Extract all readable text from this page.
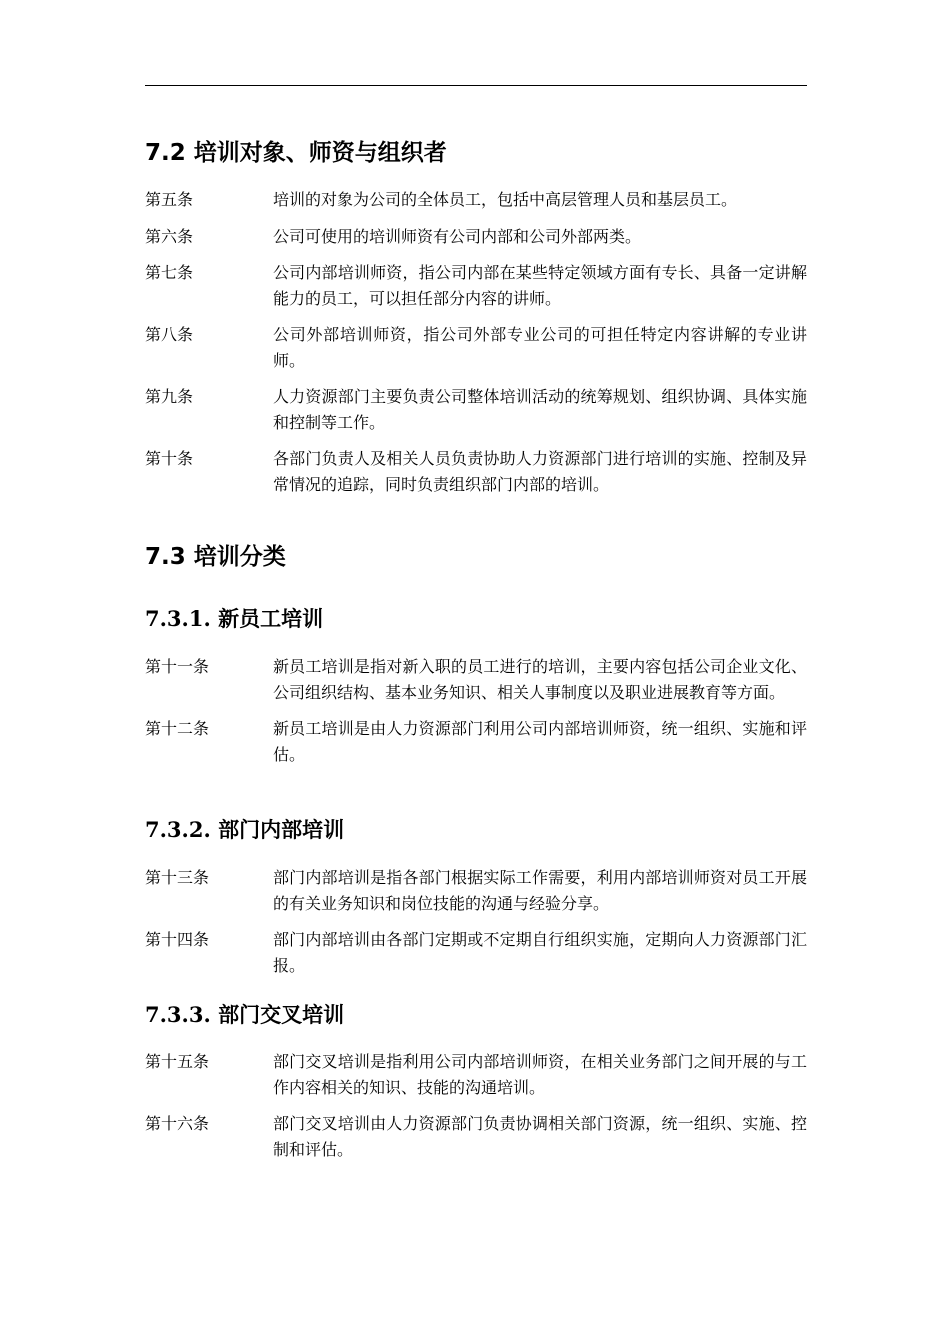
7.2 培训对象、师资与组织者
第五条	培训的对象为公司的全体员工，包括中高层管理人员和基层员工。
第六条	公司可使用的培训师资有公司内部和公司外部两类。
第七条	公司内部培训师资，指公司内部在某些特定领域方面有专长、具备一定讲解能力的员工，可以担任部分内容的讲师。
第八条	公司外部培训师资，指公司外部专业公司的可担任特定内容讲解的专业讲师。
第九条	人力资源部门主要负责公司整体培训活动的统筹规划、组织协调、具体实施和控制等工作。
第十条	各部门负责人及相关人员负责协助人力资源部门进行培训的实施、控制及异常情况的追踪，同时负责组织部门内部的培训。
7.3 培训分类
7.3.1. 新员工培训
第十一条	新员工培训是指对新入职的员工进行的培训，主要内容包括公司企业文化、公司组织结构、基本业务知识、相关人事制度以及职业进展教育等方面。
第十二条	新员工培训是由人力资源部门利用公司内部培训师资，统一组织、实施和评估。
7.3.2. 部门内部培训
第十三条	部门内部培训是指各部门根据实际工作需要，利用内部培训师资对员工开展的有关业务知识和岗位技能的沟通与经验分享。
第十四条	部门内部培训由各部门定期或不定期自行组织实施，定期向人力资源部门汇报。
7.3.3. 部门交叉培训
第十五条	部门交叉培训是指利用公司内部培训师资，在相关业务部门之间开展的与工作内容相关的知识、技能的沟通培训。
第十六条	部门交叉培训由人力资源部门负责协调相关部门资源，统一组织、实施、控制和评估。
